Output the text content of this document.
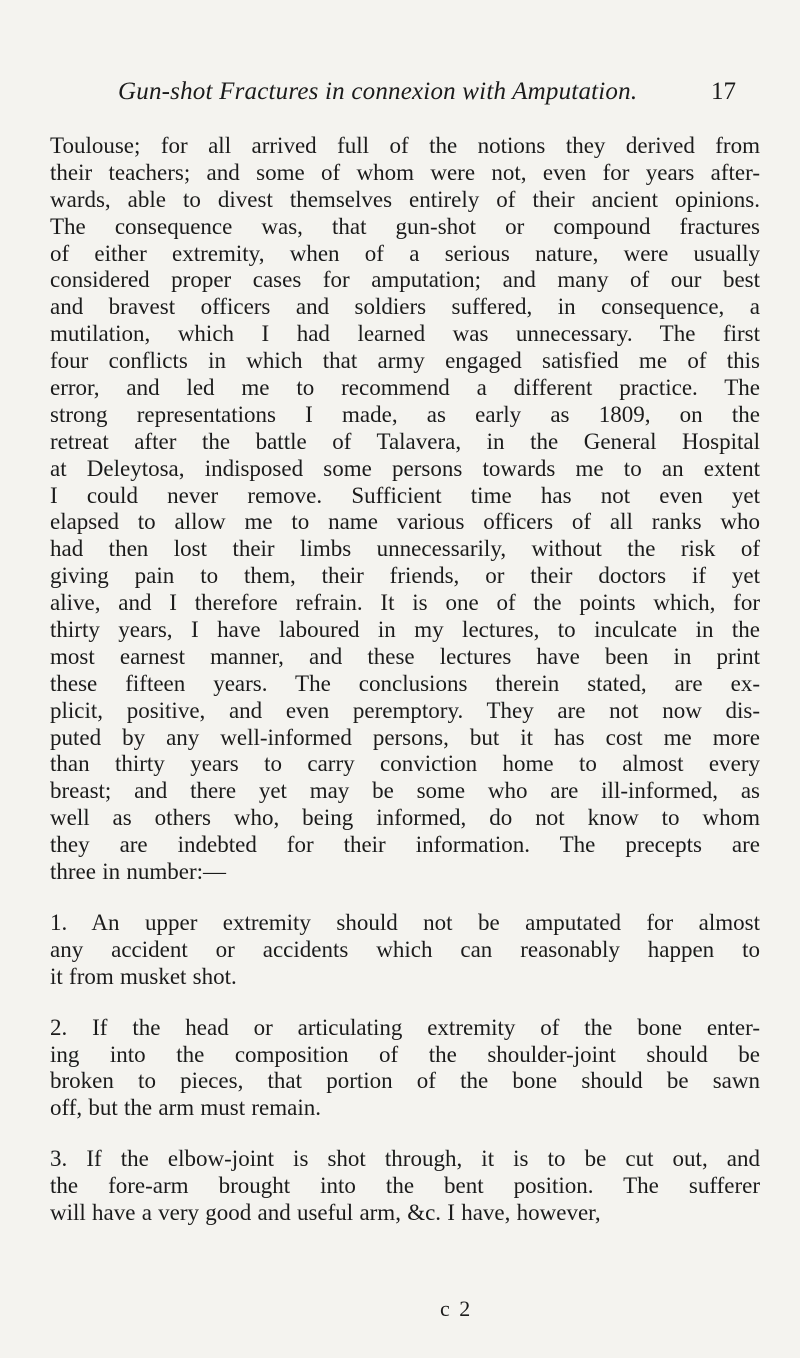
Gun-shot Fractures in connexion with Amputation.	17
Toulouse; for all arrived full of the notions they derived from
their teachers; and some of whom were not, even for years after-
wards, able to divest themselves entirely of their ancient opinions.
The consequence was, that gun-shot or compound fractures
of either extremity, when of a serious nature, were usually
considered proper cases for amputation; and many of our best
and bravest officers and soldiers suffered, in consequence, a
mutilation, which I had learned was unnecessary. The first
four conflicts in which that army engaged satisfied me of this
error, and led me to recommend a different practice. The
strong representations I made, as early as 1809, on the
retreat after the battle of Talavera, in the General Hospital
at Deleytosa, indisposed some persons towards me to an extent
I could never remove. Sufficient time has not even yet
elapsed to allow me to name various officers of all ranks who
had then lost their limbs unnecessarily, without the risk of
giving pain to them, their friends, or their doctors if yet
alive, and I therefore refrain. It is one of the points which, for
thirty years, I have laboured in my lectures, to inculcate in the
most earnest manner, and these lectures have been in print
these fifteen years. The conclusions therein stated, are ex-
plicit, positive, and even peremptory. They are not now dis-
puted by any well-informed persons, but it has cost me more
than thirty years to carry conviction home to almost every
breast; and there yet may be some who are ill-informed, as
well as others who, being informed, do not know to whom
they are indebted for their information. The precepts are
three in number:—
1. An upper extremity should not be amputated for almost
any accident or accidents which can reasonably happen to
it from musket shot.
2. If the head or articulating extremity of the bone enter-
ing into the composition of the shoulder-joint should be
broken to pieces, that portion of the bone should be sawn
off, but the arm must remain.
3. If the elbow-joint is shot through, it is to be cut out, and
the fore-arm brought into the bent position. The sufferer
will have a very good and useful arm, &c. I have, however,
c 2
